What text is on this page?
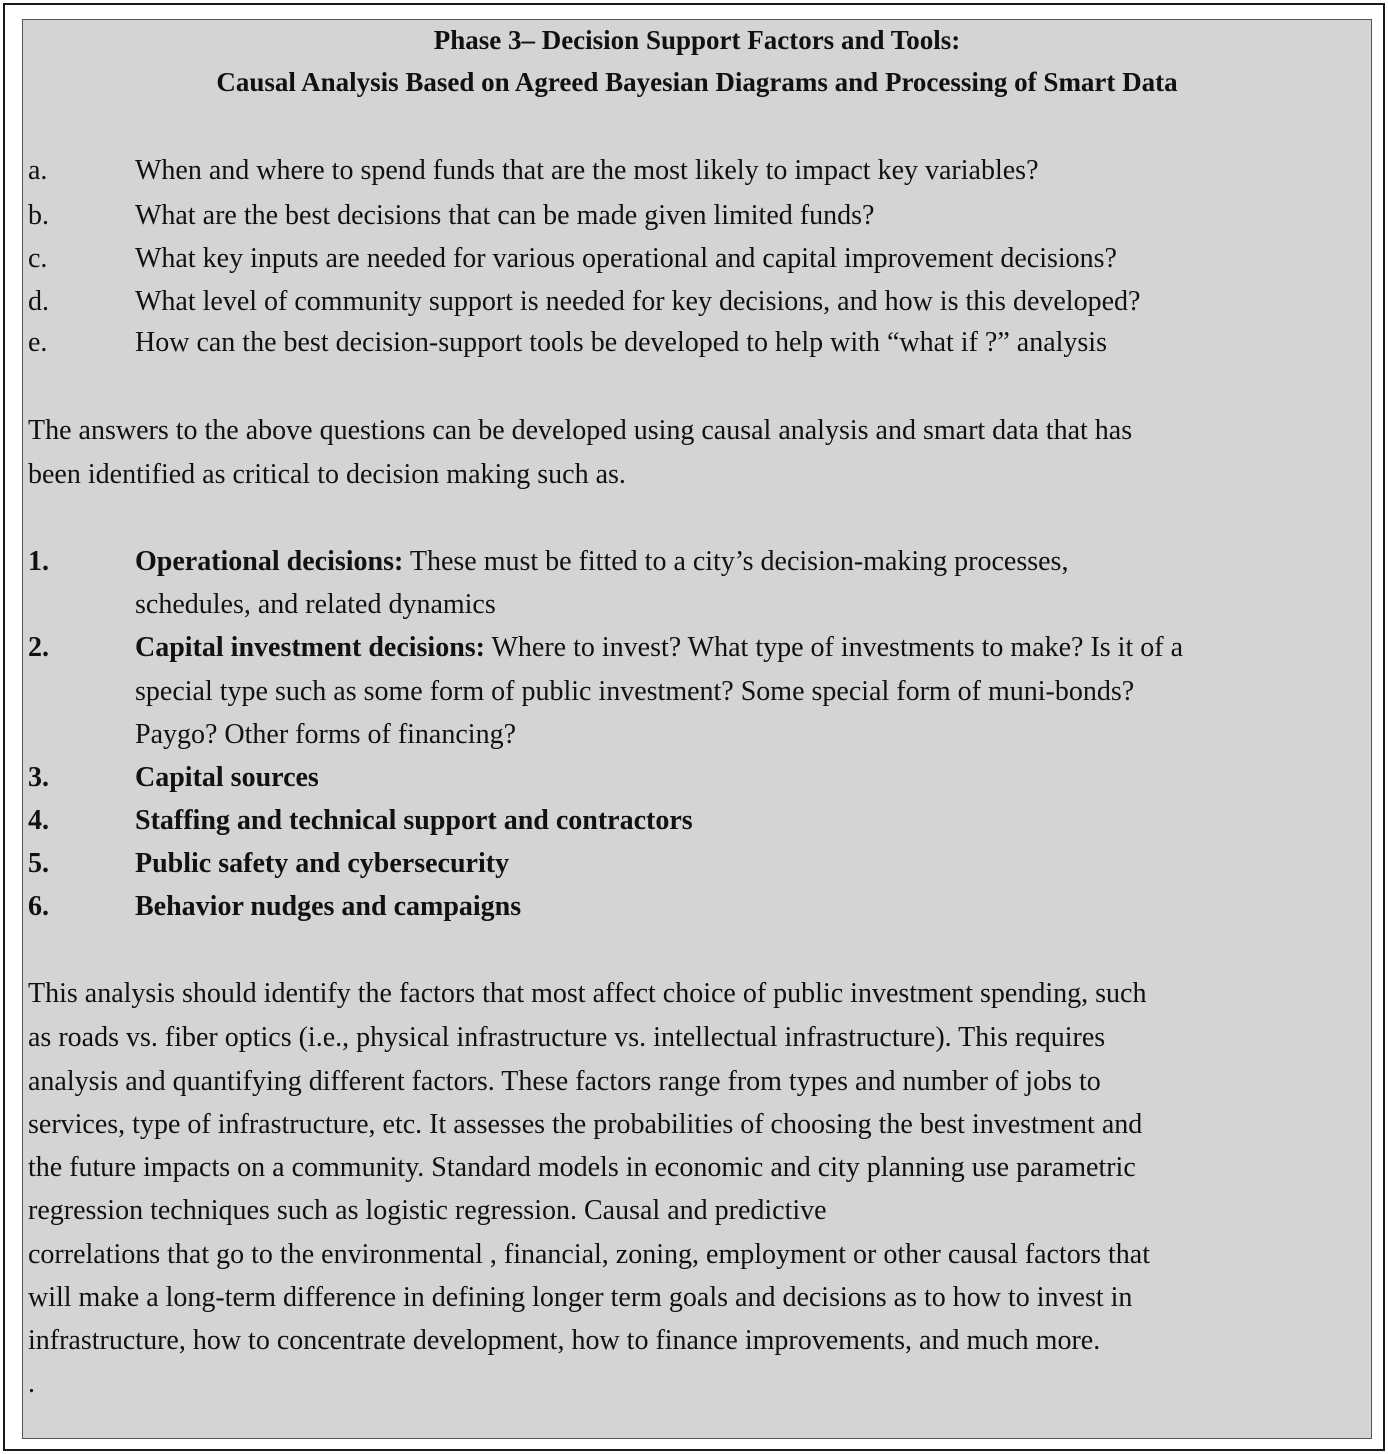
Phase 3– Decision Support Factors and Tools:
Causal Analysis Based on Agreed Bayesian Diagrams and Processing of Smart Data
a.	When and where to spend funds that are the most likely to impact key variables?
b.	What are the best decisions that can be made given limited funds?
c.	What key inputs are needed for various operational and capital improvement decisions?
d.	What level of community support is needed for key decisions, and how is this developed?
e.	How can the best decision-support tools be developed to help with “what if ?” analysis
The answers to the above questions can be developed using causal analysis and smart data that has
been identified as critical to decision making such as.
1.	Operational decisions: These must be fitted to a city’s decision-making processes,
schedules, and related dynamics
2.	Capital investment decisions: Where to invest? What type of investments to make? Is it of a
special type such as some form of public investment? Some special form of muni-bonds?
Paygo? Other forms of financing?
3.	Capital sources
4.	Staffing and technical support and contractors
5.	Public safety and cybersecurity
6.	Behavior nudges and campaigns
This analysis should identify the factors that most affect choice of public investment spending, such
as roads vs. fiber optics (i.e., physical infrastructure vs. intellectual infrastructure). This requires
analysis and quantifying different factors. These factors range from types and number of jobs to
services, type of infrastructure, etc. It assesses the probabilities of choosing the best investment and
the future impacts on a community. Standard models in economic and city planning use parametric
regression techniques such as logistic regression. Causal and predictive
correlations that go to the environmental , financial, zoning, employment or other causal factors that
will make a long-term difference in defining longer term goals and decisions as to how to invest in
infrastructure, how to concentrate development, how to finance improvements, and much more.
.
